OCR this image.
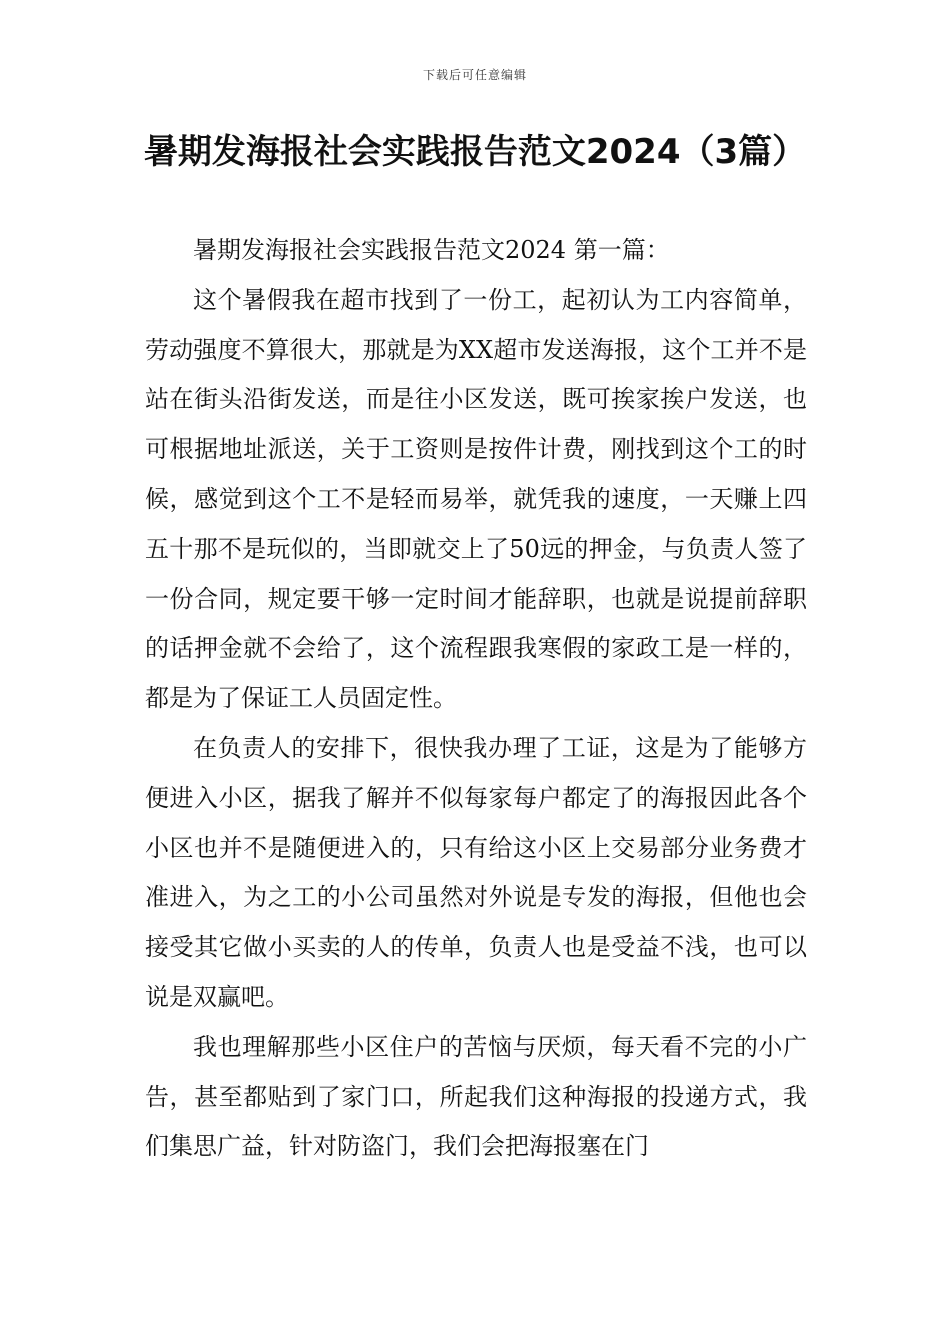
下载后可任意编辑
暑期发海报社会实践报告范文2024（3篇）

暑期发海报社会实践报告范文2024 第一篇：

这个暑假我在超市找到了一份工，起初认为工内容简单，劳动强度不算很大，那就是为XX超市发送海报，这个工并不是站在街头沿街发送，而是往小区发送，既可挨家挨户发送，也可根据地址派送，关于工资则是按件计费，刚找到这个工的时候，感觉到这个工不是轻而易举，就凭我的速度，一天赚上四五十那不是玩似的，当即就交上了50远的押金，与负责人签了一份合同，规定要干够一定时间才能辞职，也就是说提前辞职的话押金就不会给了，这个流程跟我寒假的家政工是一样的，都是为了保证工人员固定性。

在负责人的安排下，很快我办理了工证，这是为了能够方便进入小区，据我了解并不似每家每户都定了的海报因此各个小区也并不是随便进入的，只有给这小区上交易部分业务费才准进入，为之工的小公司虽然对外说是专发的海报，但他也会接受其它做小买卖的人的传单，负责人也是受益不浅，也可以说是双赢吧。

我也理解那些小区住户的苦恼与厌烦，每天看不完的小广告，甚至都贴到了家门口，所起我们这种海报的投递方式，我们集思广益，针对防盗门，我们会把海报塞在门
